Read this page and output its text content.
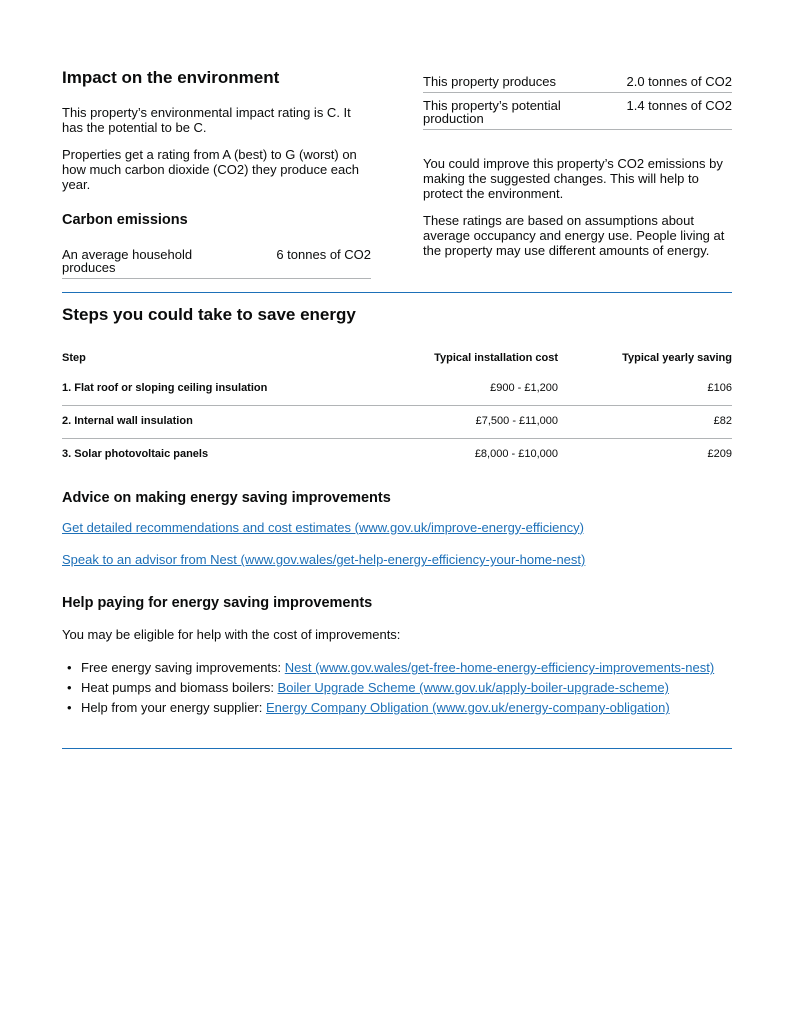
Impact on the environment

This property’s environmental impact rating is C. It has the potential to be C.

Properties get a rating from A (best) to G (worst) on how much carbon dioxide (CO2) they produce each year.

Carbon emissions
An average household produces
6 tonnes of CO2
This property produces	2.0 tonnes of CO2
This property’s potential production
1.4 tonnes of CO2

You could improve this property’s CO2 emissions by making the suggested changes. This will help to protect the environment.

These ratings are based on assumptions about average occupancy and energy use. People living at the property may use different amounts of energy.

Steps you could take to save energy
Step	Typical installation cost	Typical yearly saving
1. Flat roof or sloping ceiling insulation	£900 - £1,200	£106
2. Internal wall insulation	£7,500 - £11,000	£82
3. Solar photovoltaic panels	£8,000 - £10,000	£209
Advice on making energy saving improvements
Get detailed recommendations and cost estimates (www.gov.uk/improve-energy-efficiency)
Speak to an advisor from Nest (www.gov.wales/get-help-energy-efficiency-your-home-nest)
Help paying for energy saving improvements

You may be eligible for help with the cost of improvements:

• Free energy saving improvements: Nest (www.gov.wales/get-free-home-energy-efficiency-improvements-nest)
• Heat pumps and biomass boilers: Boiler Upgrade Scheme (www.gov.uk/apply-boiler-upgrade-scheme)
• Help from your energy supplier: Energy Company Obligation (www.gov.uk/energy-company-obligation)
